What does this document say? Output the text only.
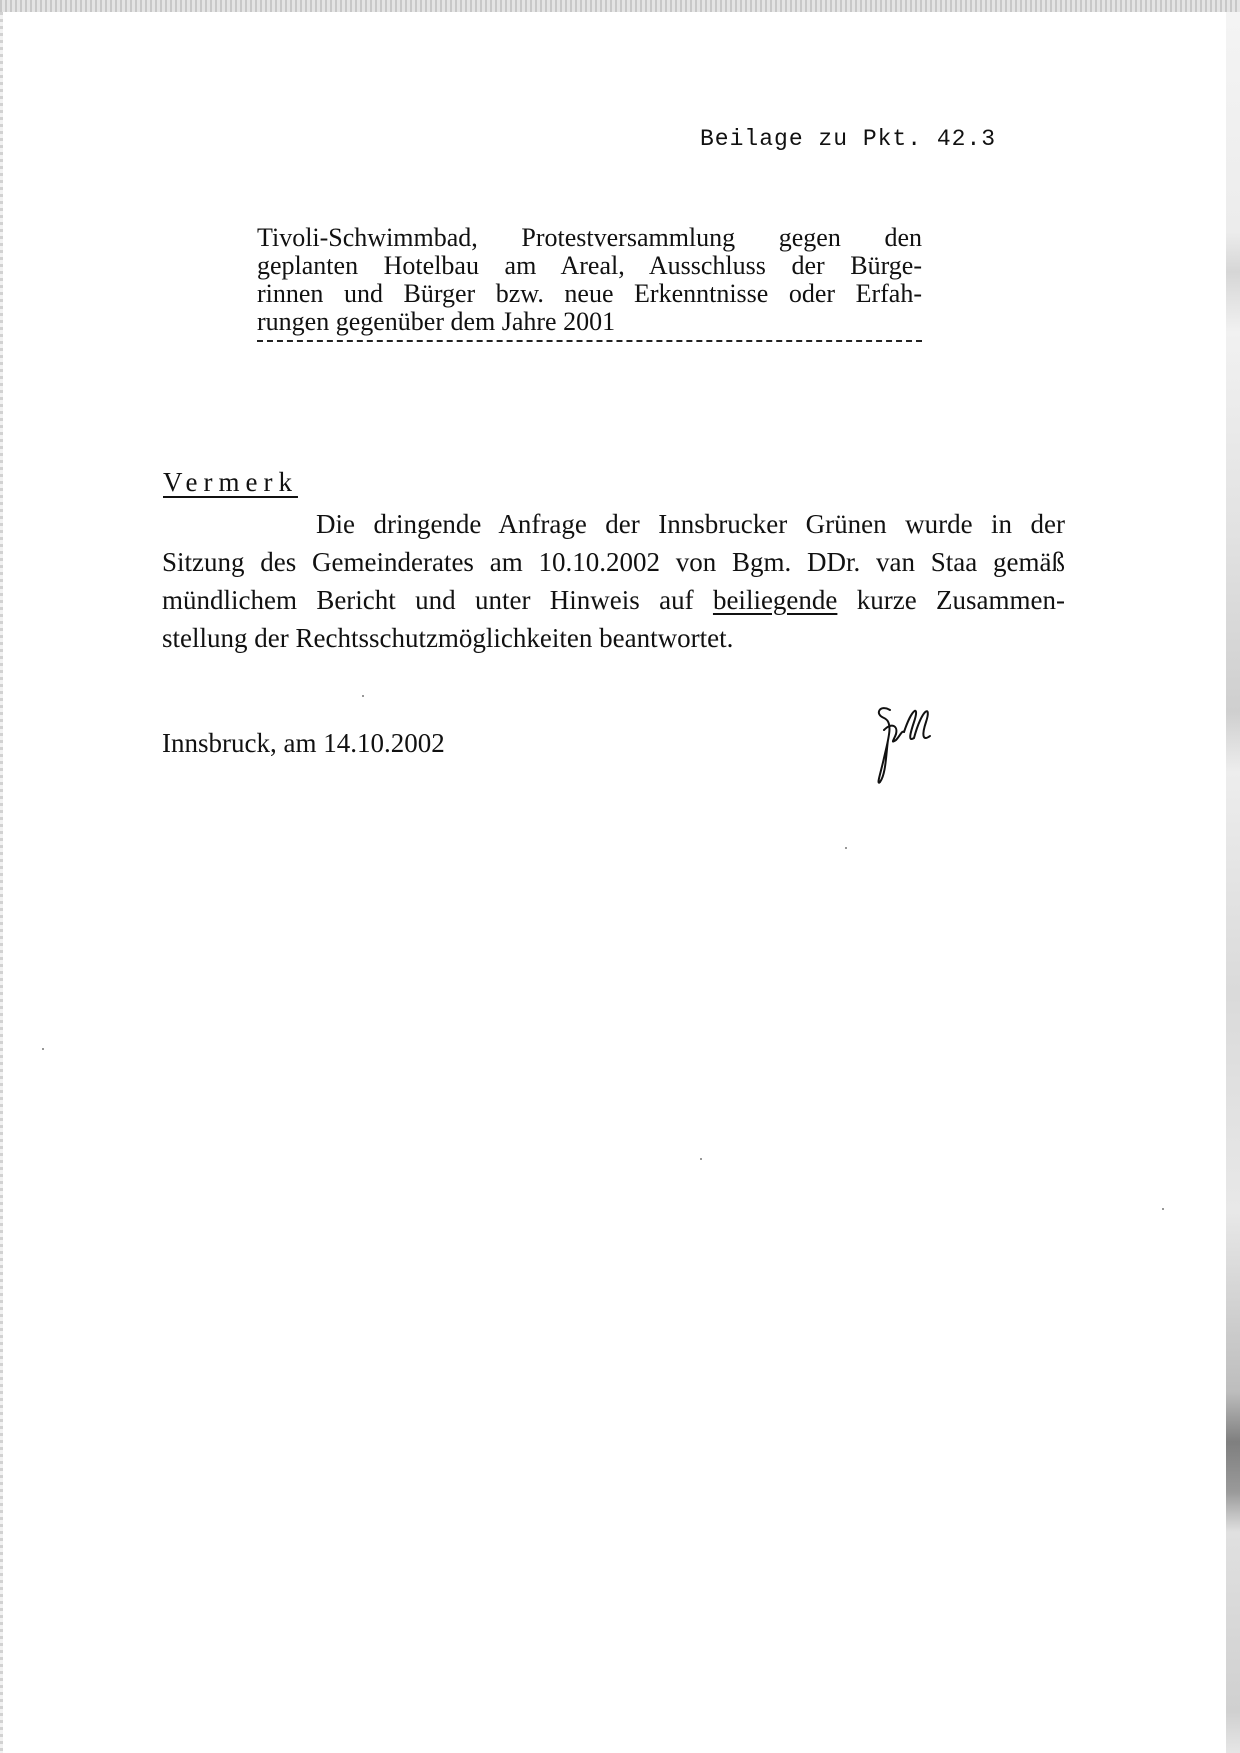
Beilage zu Pkt. 42.3
Tivoli-Schwimmbad, Protestversammlung gegen den
geplanten Hotelbau am Areal, Ausschluss der Bürge-
rinnen und Bürger bzw. neue Erkenntnisse oder Erfah-
rungen gegenüber dem Jahre 2001
Vermerk
Die dringende Anfrage der Innsbrucker Grünen wurde in der
Sitzung des Gemeinderates am 10.10.2002 von Bgm. DDr. van Staa gemäß
mündlichem Bericht und unter Hinweis auf beiliegende kurze Zusammen-
stellung der Rechtsschutzmöglichkeiten beantwortet.
Innsbruck, am 14.10.2002
